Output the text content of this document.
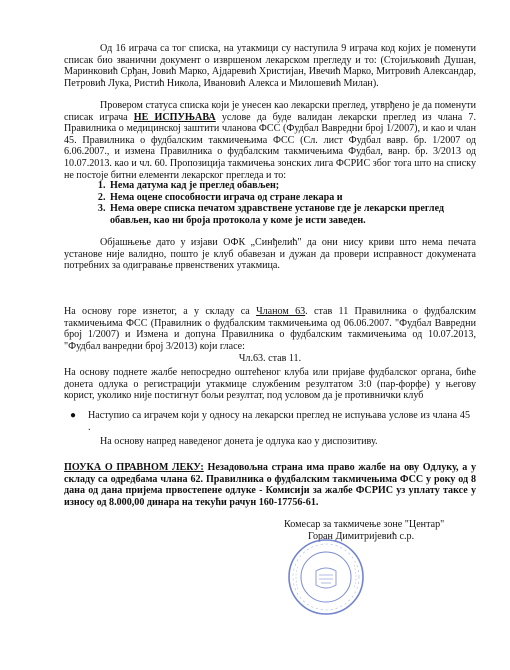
Од 16 играча са тог списка, на утакмици су наступила 9 играча код којих је поменути списак био званични документ о извршеном лекарском прегледу и то: (Стојиљковић Душан, Маринковић Срђан, Јовић Марко, Ајдаревић Христијан, Ивечић Марко, Митровић Александар, Петровић Лука, Ристић Никола, Ивановић Алекса и Милошевић Милан).

Провером статуса списка који је унесен као лекарски преглед, утврђено је да поменути списак играча НЕ ИСПУЊАВА услове да буде валидан лекарски преглед из члана 7. Правилника о медицинској заштити чланова ФСС (Фудбал Вавредни број 1/2007), и као и члан 45. Правилника о фудбалским такмичењима ФСС (Сл. лист Фудбал вавр. бр. 1/2007 од 6.06.2007., и измена Правилника о фудбалским такмичењима Фудбал, ванр. бр. 3/2013 од 10.07.2013. као и чл. 60. Пропозиција такмичења зонских лига ФСРИС због тога што на списку не постоје битни елементи лекарског прегледа и то:

1. Нема датума кад је преглед обављен;
2. Нема оцене способности играча од стране лекара и
3. Нема овере списка печатом здравствене установе где је лекарски преглед обављен, као ни броја протокола у коме је исти заведен.

Објашњење дато у изјави ОФК „Синђелић" да они нису криви што нема печата установе није валидно, пошто је клуб обавезан и дужан да провери исправност докумената потребних за одигравање првенствених утакмица.

На основу горе изнетог, а у складу са Чланом 63. став 11 Правилника о фудбалским такмичењима ФСС (Правилник о фудбалским такмичењима од 06.06.2007. "Фудбал Вавредни број 1/2007) и Измена и допуна Правилника о фудбалским такмичењима од 10.07.2013, "Фудбал ванредни број 3/2013) који гласе:

Чл.63. став 11.

На основу поднете жалбе непосредно оштећеног клуба или пријаве фудбалског органа, биће донета одлука о регистрацији утакмице службеним резултатом 3:0 (пар-форфе) у његову корист, уколико није постигнут бољи резултат, под условом да је противнички клуб

●	Наступио са играчем који у односу на лекарски преглед не испуњава услове из члана 45 .

На основу напред наведеног донета је одлука као у диспозитиву.

ПОУКА О ПРАВНОМ ЛЕКУ: Незадовољна страна има право жалбе на ову Одлуку, а у складу са одредбама члана 62. Правилника о фудбалским такмичењима ФСС у року од 8 дана од дана пријема првостепене одлуке - Комисији за жалбе ФСРИС уз уплату таксе у износу од 8.000,00 динара на текући рачун 160-17756-61.

Комесар за такмичење зоне "Центар"
Горан Димитријевић с.р.
